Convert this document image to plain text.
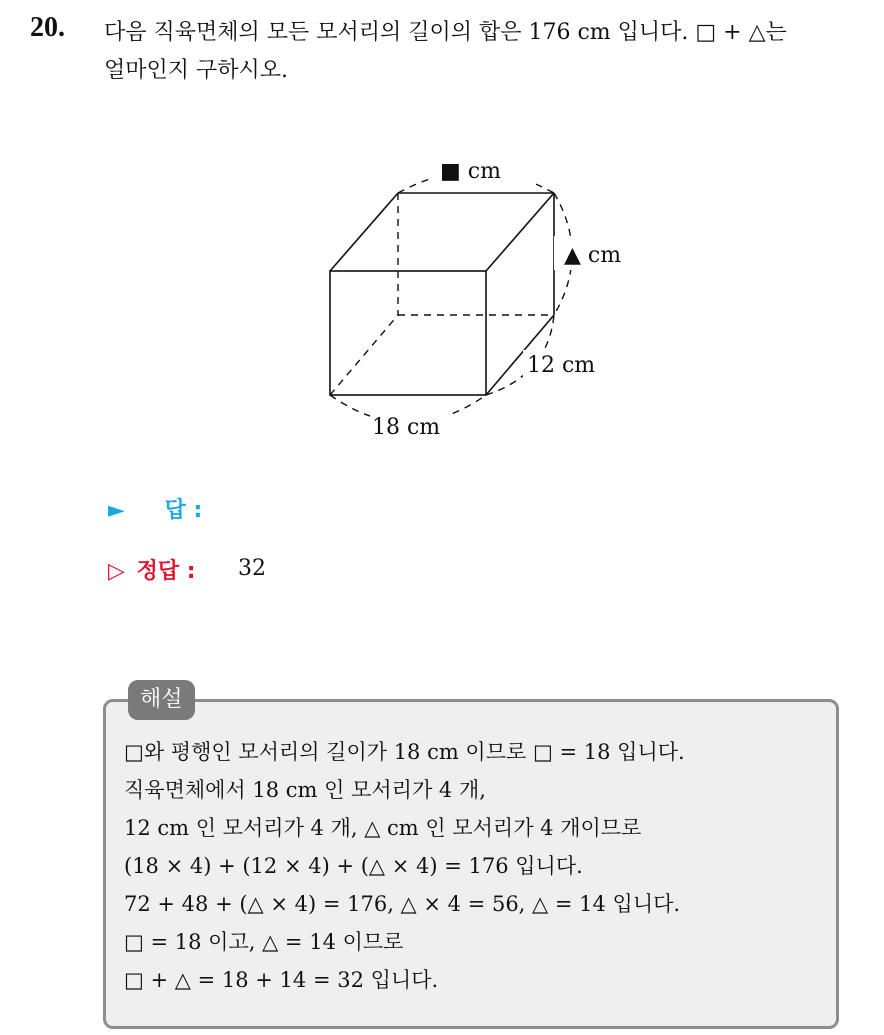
20. 다음 직육면체의 모든 모서리의 길이의 합은 176 cm 입니다. □ + △는
얼마인지 구하시오.
■ cm
▲ cm
12 cm
18 cm
► 답 :
▷ 정답 : 32
해설
□와 평행인 모서리의 길이가 18 cm 이므로 □ = 18 입니다.
직육면체에서 18 cm 인 모서리가 4 개,
12 cm 인 모서리가 4 개, △ cm 인 모서리가 4 개이므로
(18 × 4) + (12 × 4) + (△ × 4) = 176 입니다.
72 + 48 + (△ × 4) = 176, △ × 4 = 56, △ = 14 입니다.
□ = 18 이고, △ = 14 이므로
□ + △ = 18 + 14 = 32 입니다.
